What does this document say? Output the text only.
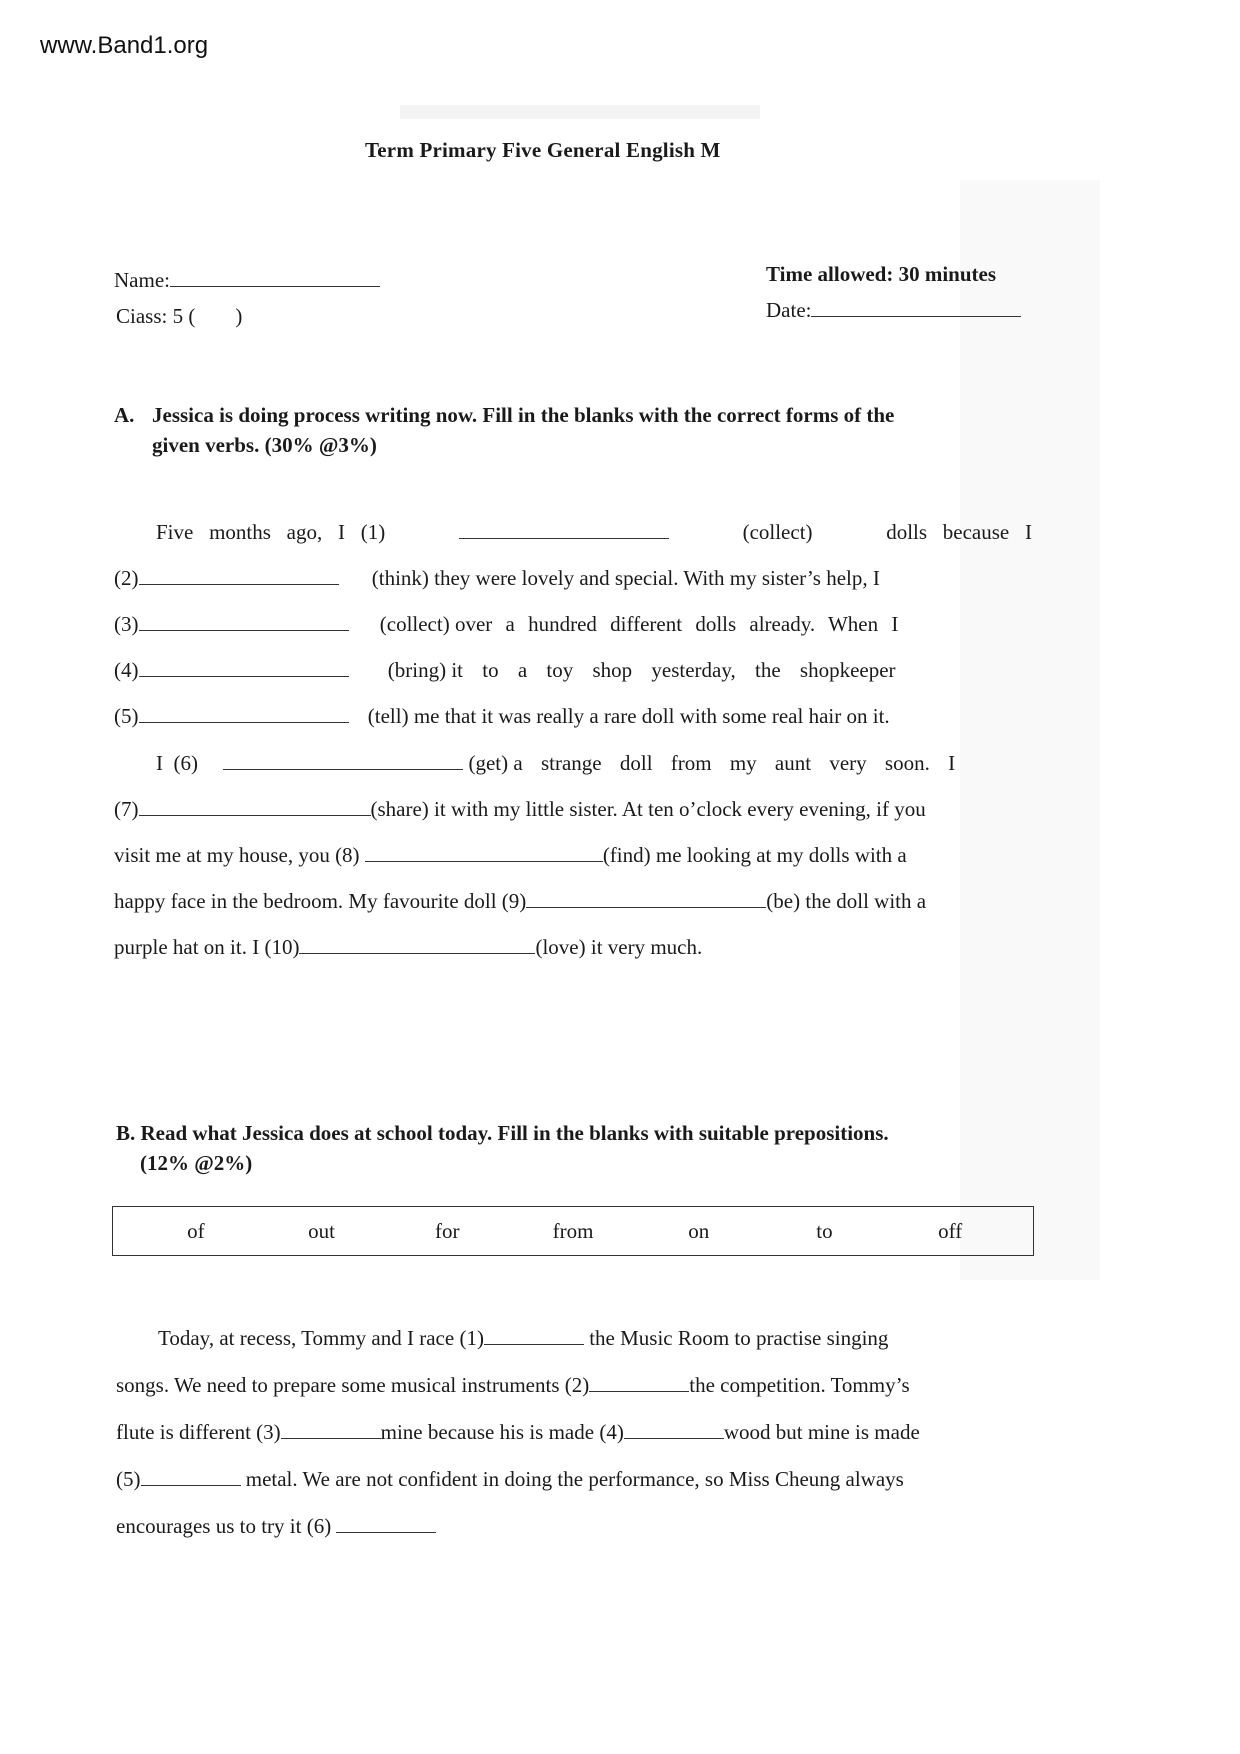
www.Band1.org
Term Primary Five General English M
Name:
Ciass: 5 ( )
Time allowed: 30 minutes
Date:
A. Jessica is doing process writing now. Fill in the blanks with the correct forms of the
given verbs. (30% @3%)
Five   months   ago,   I   (1)	(collect)	dolls   because   I
(2)	(think) they were lovely and special. With my sister’s help, I
(3)	(collect) over a hundred different dolls already. When I
(4)	(bring) it to a toy shop yesterday, the shopkeeper
(5)	(tell) me that it was really a rare doll with some real hair on it.
I  (6)	(get) a strange doll from my aunt very soon. I
(7)	(share) it with my little sister. At ten o’clock every evening, if you
visit me at my house, you (8)	(find) me looking at my dolls with a
happy face in the bedroom. My favourite doll (9)	(be) the doll with a
purple hat on it. I (10)	(love) it very much.
B. Read what Jessica does at school today. Fill in the blanks with suitable prepositions.
(12% @2%)
of	out	for	from	on	to	off
Today, at recess, Tommy and I race (1)	the Music Room to practise singing
songs. We need to prepare some musical instruments (2)	the competition. Tommy’s
flute is different (3)	mine because his is made (4)	wood but mine is made
(5)	metal. We are not confident in doing the performance, so Miss Cheung always
encourages us to try it (6)
